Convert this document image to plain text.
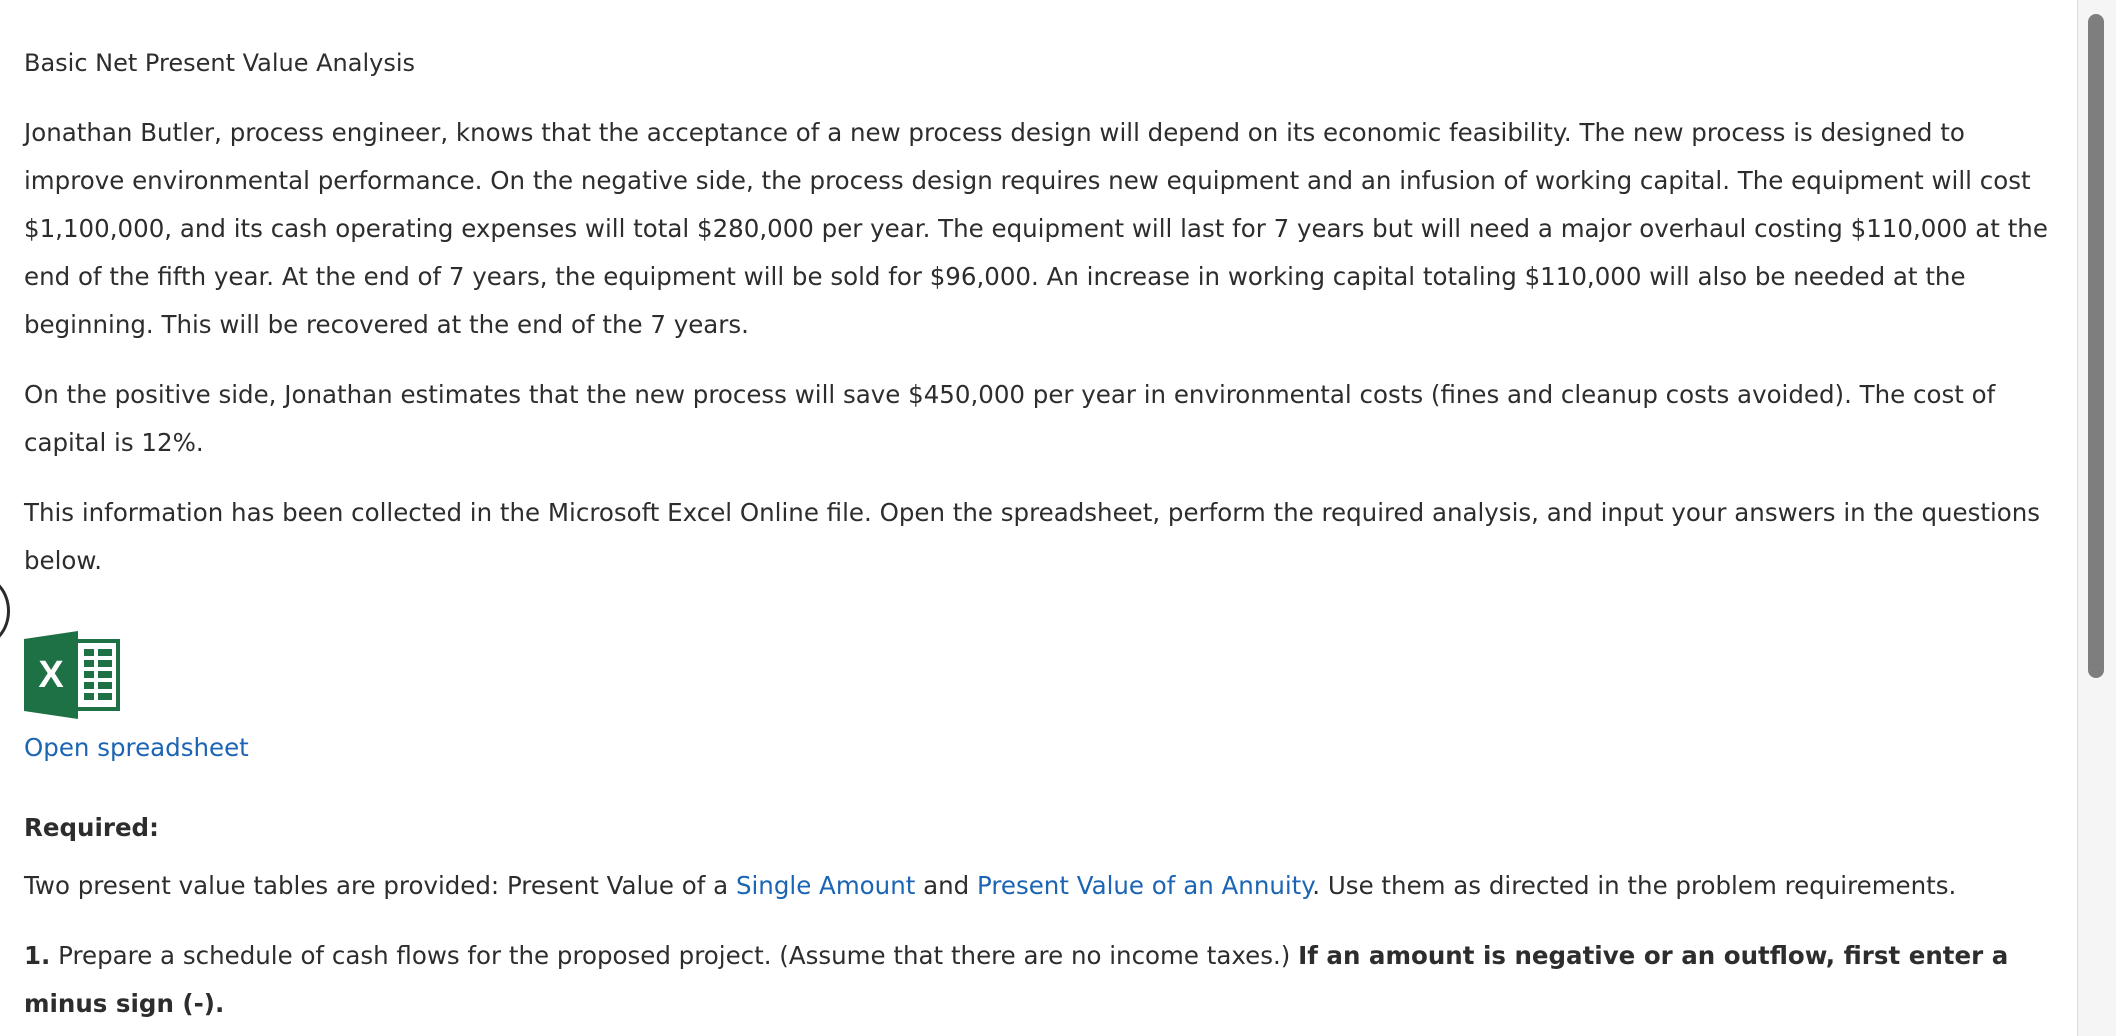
Basic Net Present Value Analysis

Jonathan Butler, process engineer, knows that the acceptance of a new process design will depend on its economic feasibility. The new process is designed to improve environmental performance. On the negative side, the process design requires new equipment and an infusion of working capital. The equipment will cost $1,100,000, and its cash operating expenses will total $280,000 per year. The equipment will last for 7 years but will need a major overhaul costing $110,000 at the end of the fifth year. At the end of 7 years, the equipment will be sold for $96,000. An increase in working capital totaling $110,000 will also be needed at the beginning. This will be recovered at the end of the 7 years.

On the positive side, Jonathan estimates that the new process will save $450,000 per year in environmental costs (fines and cleanup costs avoided). The cost of capital is 12%.

This information has been collected in the Microsoft Excel Online file. Open the spreadsheet, perform the required analysis, and input your answers in the questions below.

X
Open spreadsheet
Required:

Two present value tables are provided: Present Value of a Single Amount and Present Value of an Annuity. Use them as directed in the problem requirements.

1. Prepare a schedule of cash flows for the proposed project. (Assume that there are no income taxes.) If an amount is negative or an outflow, first enter a minus sign (-).
